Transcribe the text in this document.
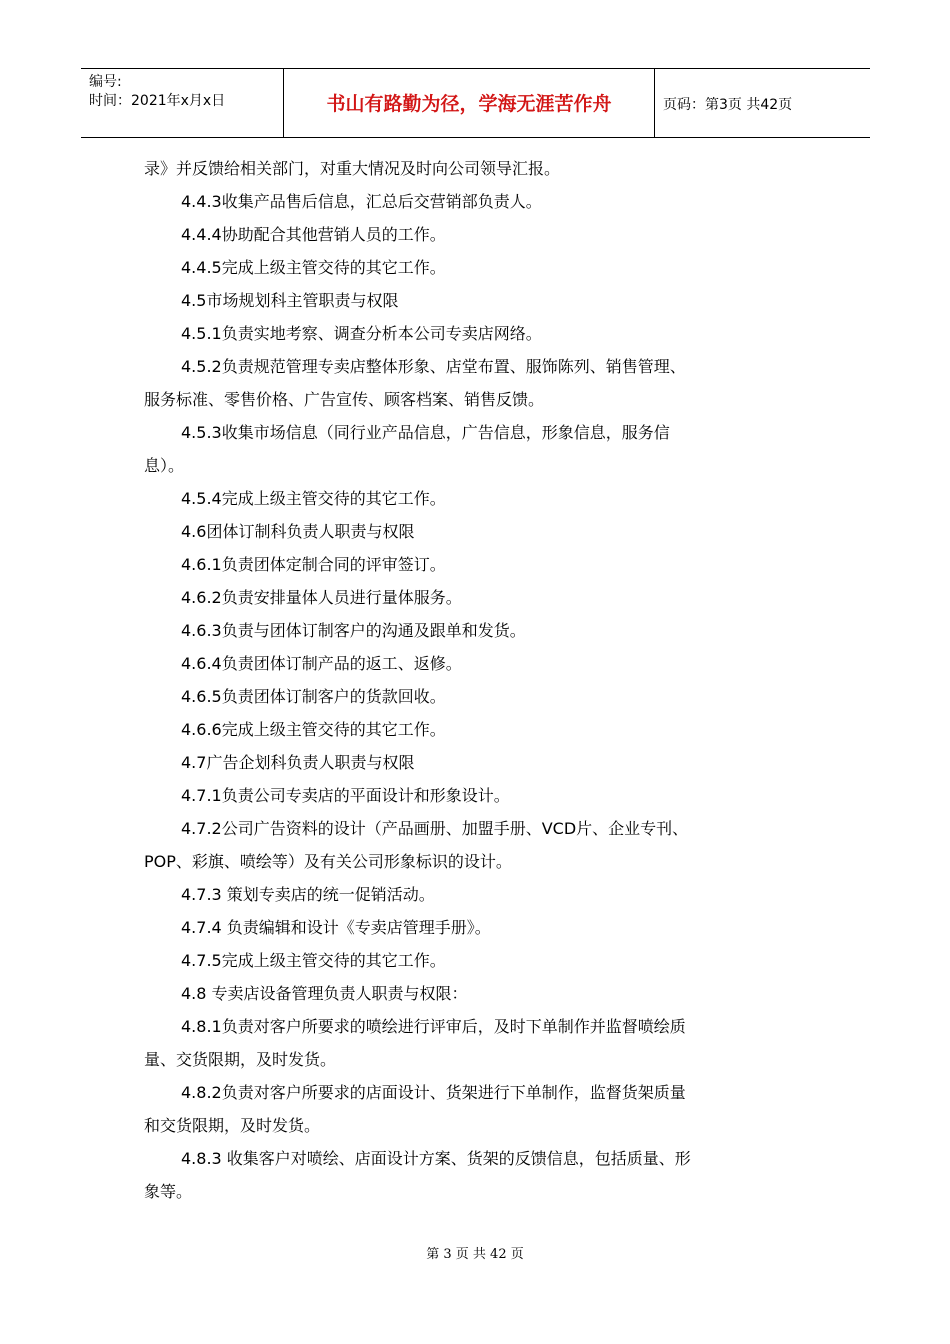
编号:
时间：2021年x月x日	书山有路勤为径，学海无涯苦作舟	页码：第3页 共42页
录》并反馈给相关部门，对重大情况及时向公司领导汇报。
4.4.3收集产品售后信息，汇总后交营销部负责人。
4.4.4协助配合其他营销人员的工作。
4.4.5完成上级主管交待的其它工作。
4.5市场规划科主管职责与权限
4.5.1负责实地考察、调查分析本公司专卖店网络。
4.5.2负责规范管理专卖店整体形象、店堂布置、服饰陈列、销售管理、
服务标准、零售价格、广告宣传、顾客档案、销售反馈。
4.5.3收集市场信息（同行业产品信息，广告信息，形象信息，服务信
息）。
4.5.4完成上级主管交待的其它工作。
4.6团体订制科负责人职责与权限
4.6.1负责团体定制合同的评审签订。
4.6.2负责安排量体人员进行量体服务。
4.6.3负责与团体订制客户的沟通及跟单和发货。
4.6.4负责团体订制产品的返工、返修。
4.6.5负责团体订制客户的货款回收。
4.6.6完成上级主管交待的其它工作。
4.7广告企划科负责人职责与权限
4.7.1负责公司专卖店的平面设计和形象设计。
4.7.2公司广告资料的设计（产品画册、加盟手册、VCD片、企业专刊、
POP、彩旗、喷绘等）及有关公司形象标识的设计。
4.7.3 策划专卖店的统一促销活动。
4.7.4 负责编辑和设计《专卖店管理手册》。
4.7.5完成上级主管交待的其它工作。
4.8 专卖店设备管理负责人职责与权限：
4.8.1负责对客户所要求的喷绘进行评审后，及时下单制作并监督喷绘质
量、交货限期，及时发货。
4.8.2负责对客户所要求的店面设计、货架进行下单制作，监督货架质量
和交货限期，及时发货。
4.8.3 收集客户对喷绘、店面设计方案、货架的反馈信息，包括质量、形
象等。
第 3 页 共 42 页
